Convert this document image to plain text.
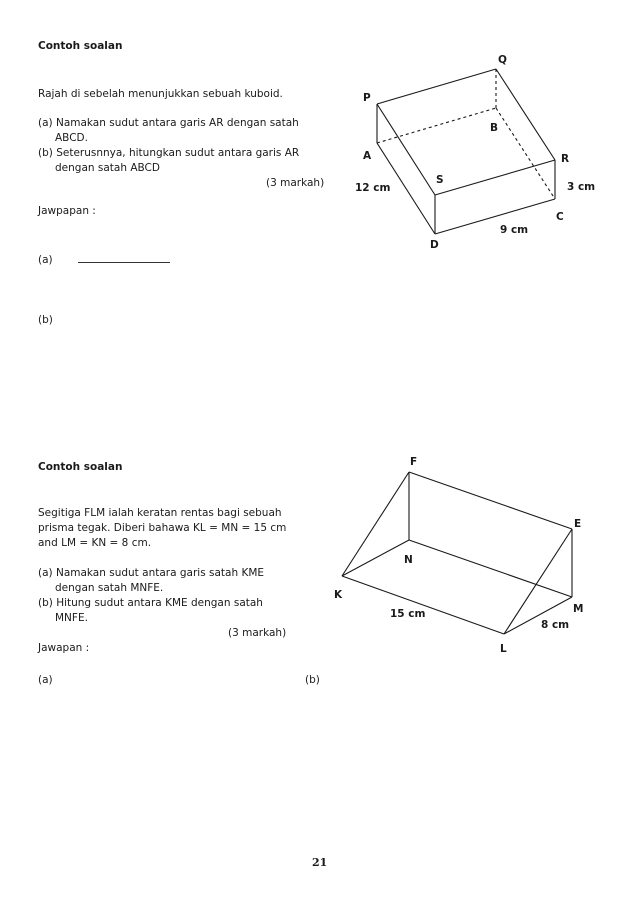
Contoh soalan
Rajah di sebelah menunjukkan sebuah kuboid.
(a) Namakan sudut antara garis AR dengan satah
ABCD.
(b) Seterusnnya, hitungkan sudut antara garis AR
dengan satah ABCD
(3 markah)
Jawpapan :
(a)
(b)
P
Q
A
B
R
S
C
D
12 cm	3 cm
9 cm
Contoh soalan
Segitiga FLM ialah keratan rentas bagi sebuah
prisma tegak. Diberi bahawa KL = MN = 15 cm
and LM = KN = 8 cm.
(a) Namakan sudut antara garis satah KME
dengan satah MNFE.
(b) Hitung sudut antara KME dengan satah
MNFE.
(3 markah)
Jawapan :
(a)	(b)
F
E
N
K
M
L
15 cm
8 cm
21
